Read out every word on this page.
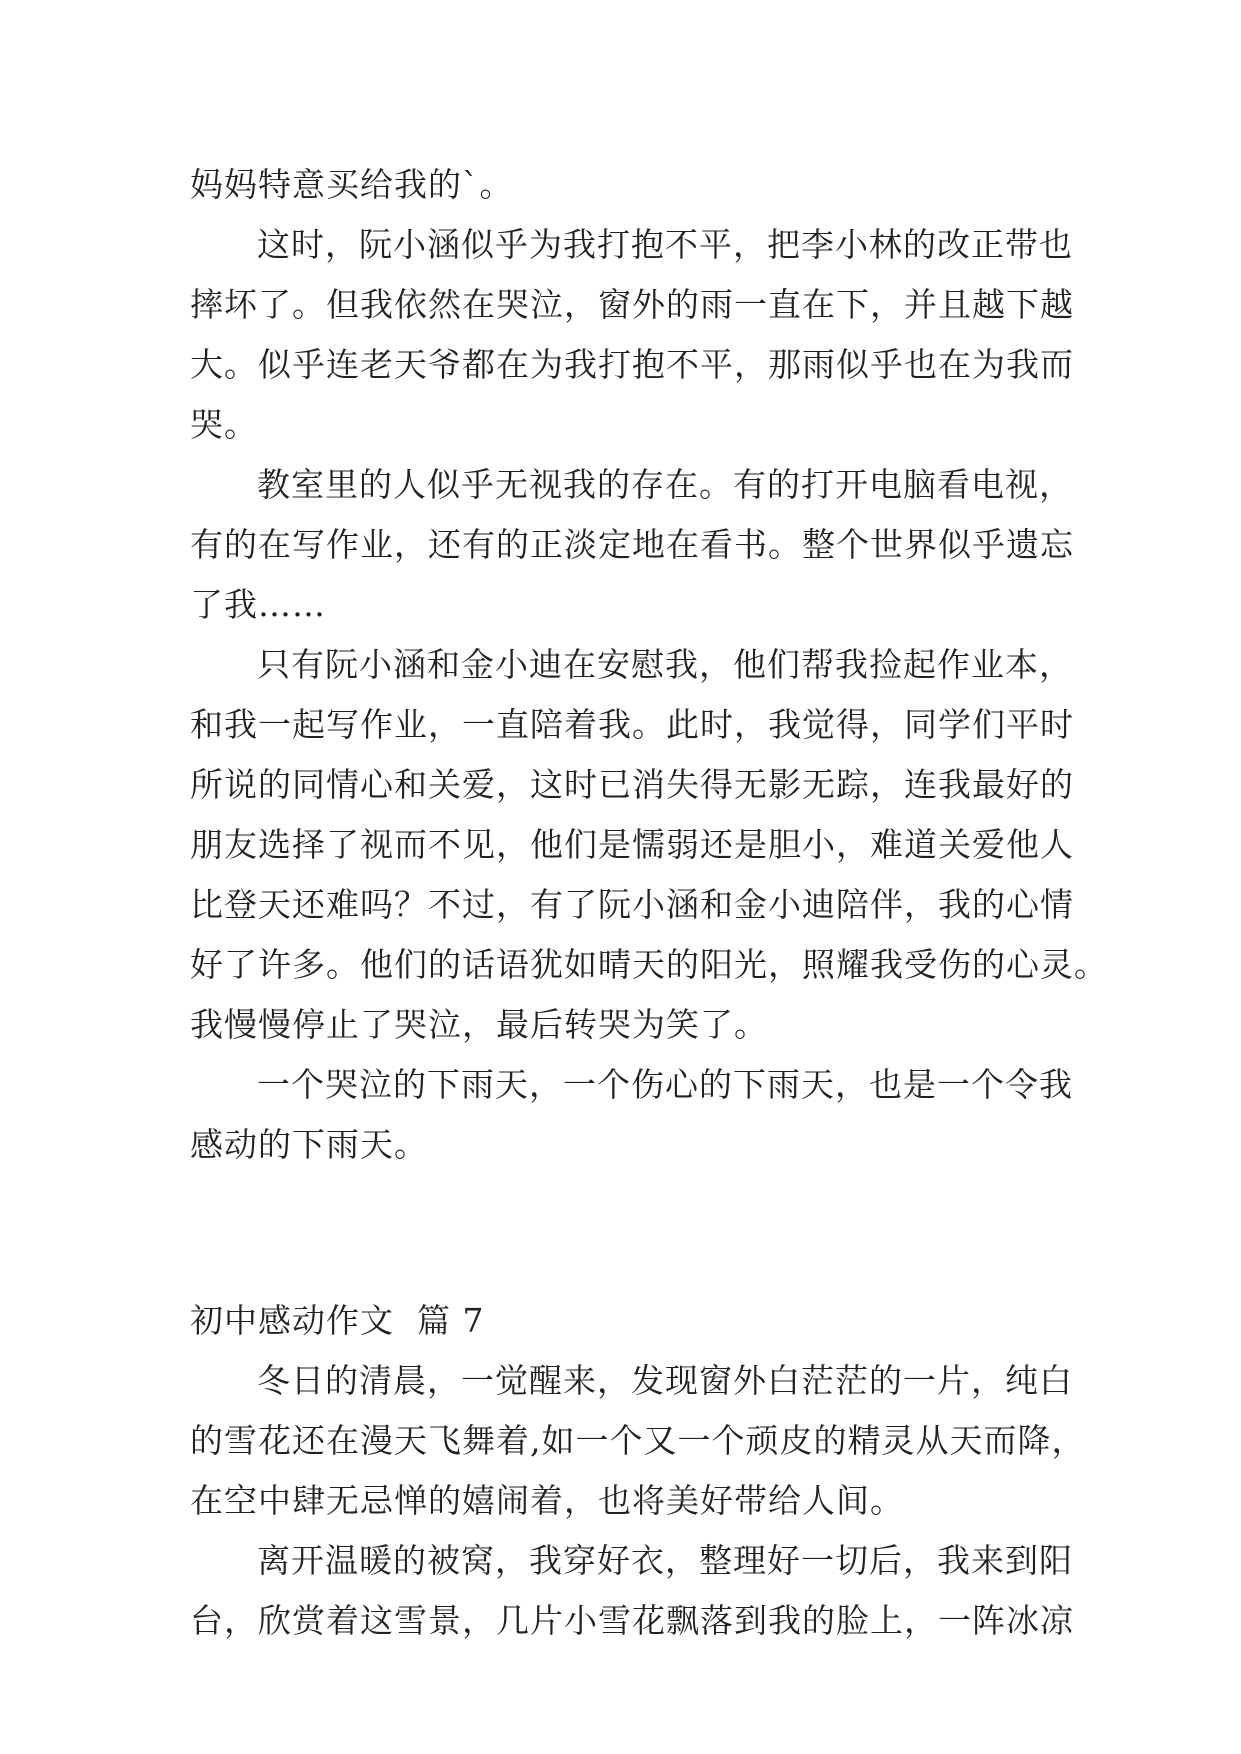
妈妈特意买给我的`。
这时，阮小涵似乎为我打抱不平，把李小林的改正带也
摔坏了。但我依然在哭泣，窗外的雨一直在下，并且越下越
大。似乎连老天爷都在为我打抱不平，那雨似乎也在为我而
哭。
教室里的人似乎无视我的存在。有的打开电脑看电视，
有的在写作业，还有的正淡定地在看书。整个世界似乎遗忘
了我……
只有阮小涵和金小迪在安慰我，他们帮我捡起作业本，
和我一起写作业，一直陪着我。此时，我觉得，同学们平时
所说的同情心和关爱，这时已消失得无影无踪，连我最好的
朋友选择了视而不见，他们是懦弱还是胆小，难道关爱他人
比登天还难吗？不过，有了阮小涵和金小迪陪伴，我的心情
好了许多。他们的话语犹如晴天的阳光，照耀我受伤的心灵。
我慢慢停止了哭泣，最后转哭为笑了。
一个哭泣的下雨天，一个伤心的下雨天，也是一个令我
感动的下雨天。
初中感动作文  篇 7
冬日的清晨，一觉醒来，发现窗外白茫茫的一片，纯白
的雪花还在漫天飞舞着,如一个又一个顽皮的精灵从天而降，
在空中肆无忌惮的嬉闹着，也将美好带给人间。
离开温暖的被窝，我穿好衣，整理好一切后，我来到阳
台，欣赏着这雪景，几片小雪花飘落到我的脸上，一阵冰凉
